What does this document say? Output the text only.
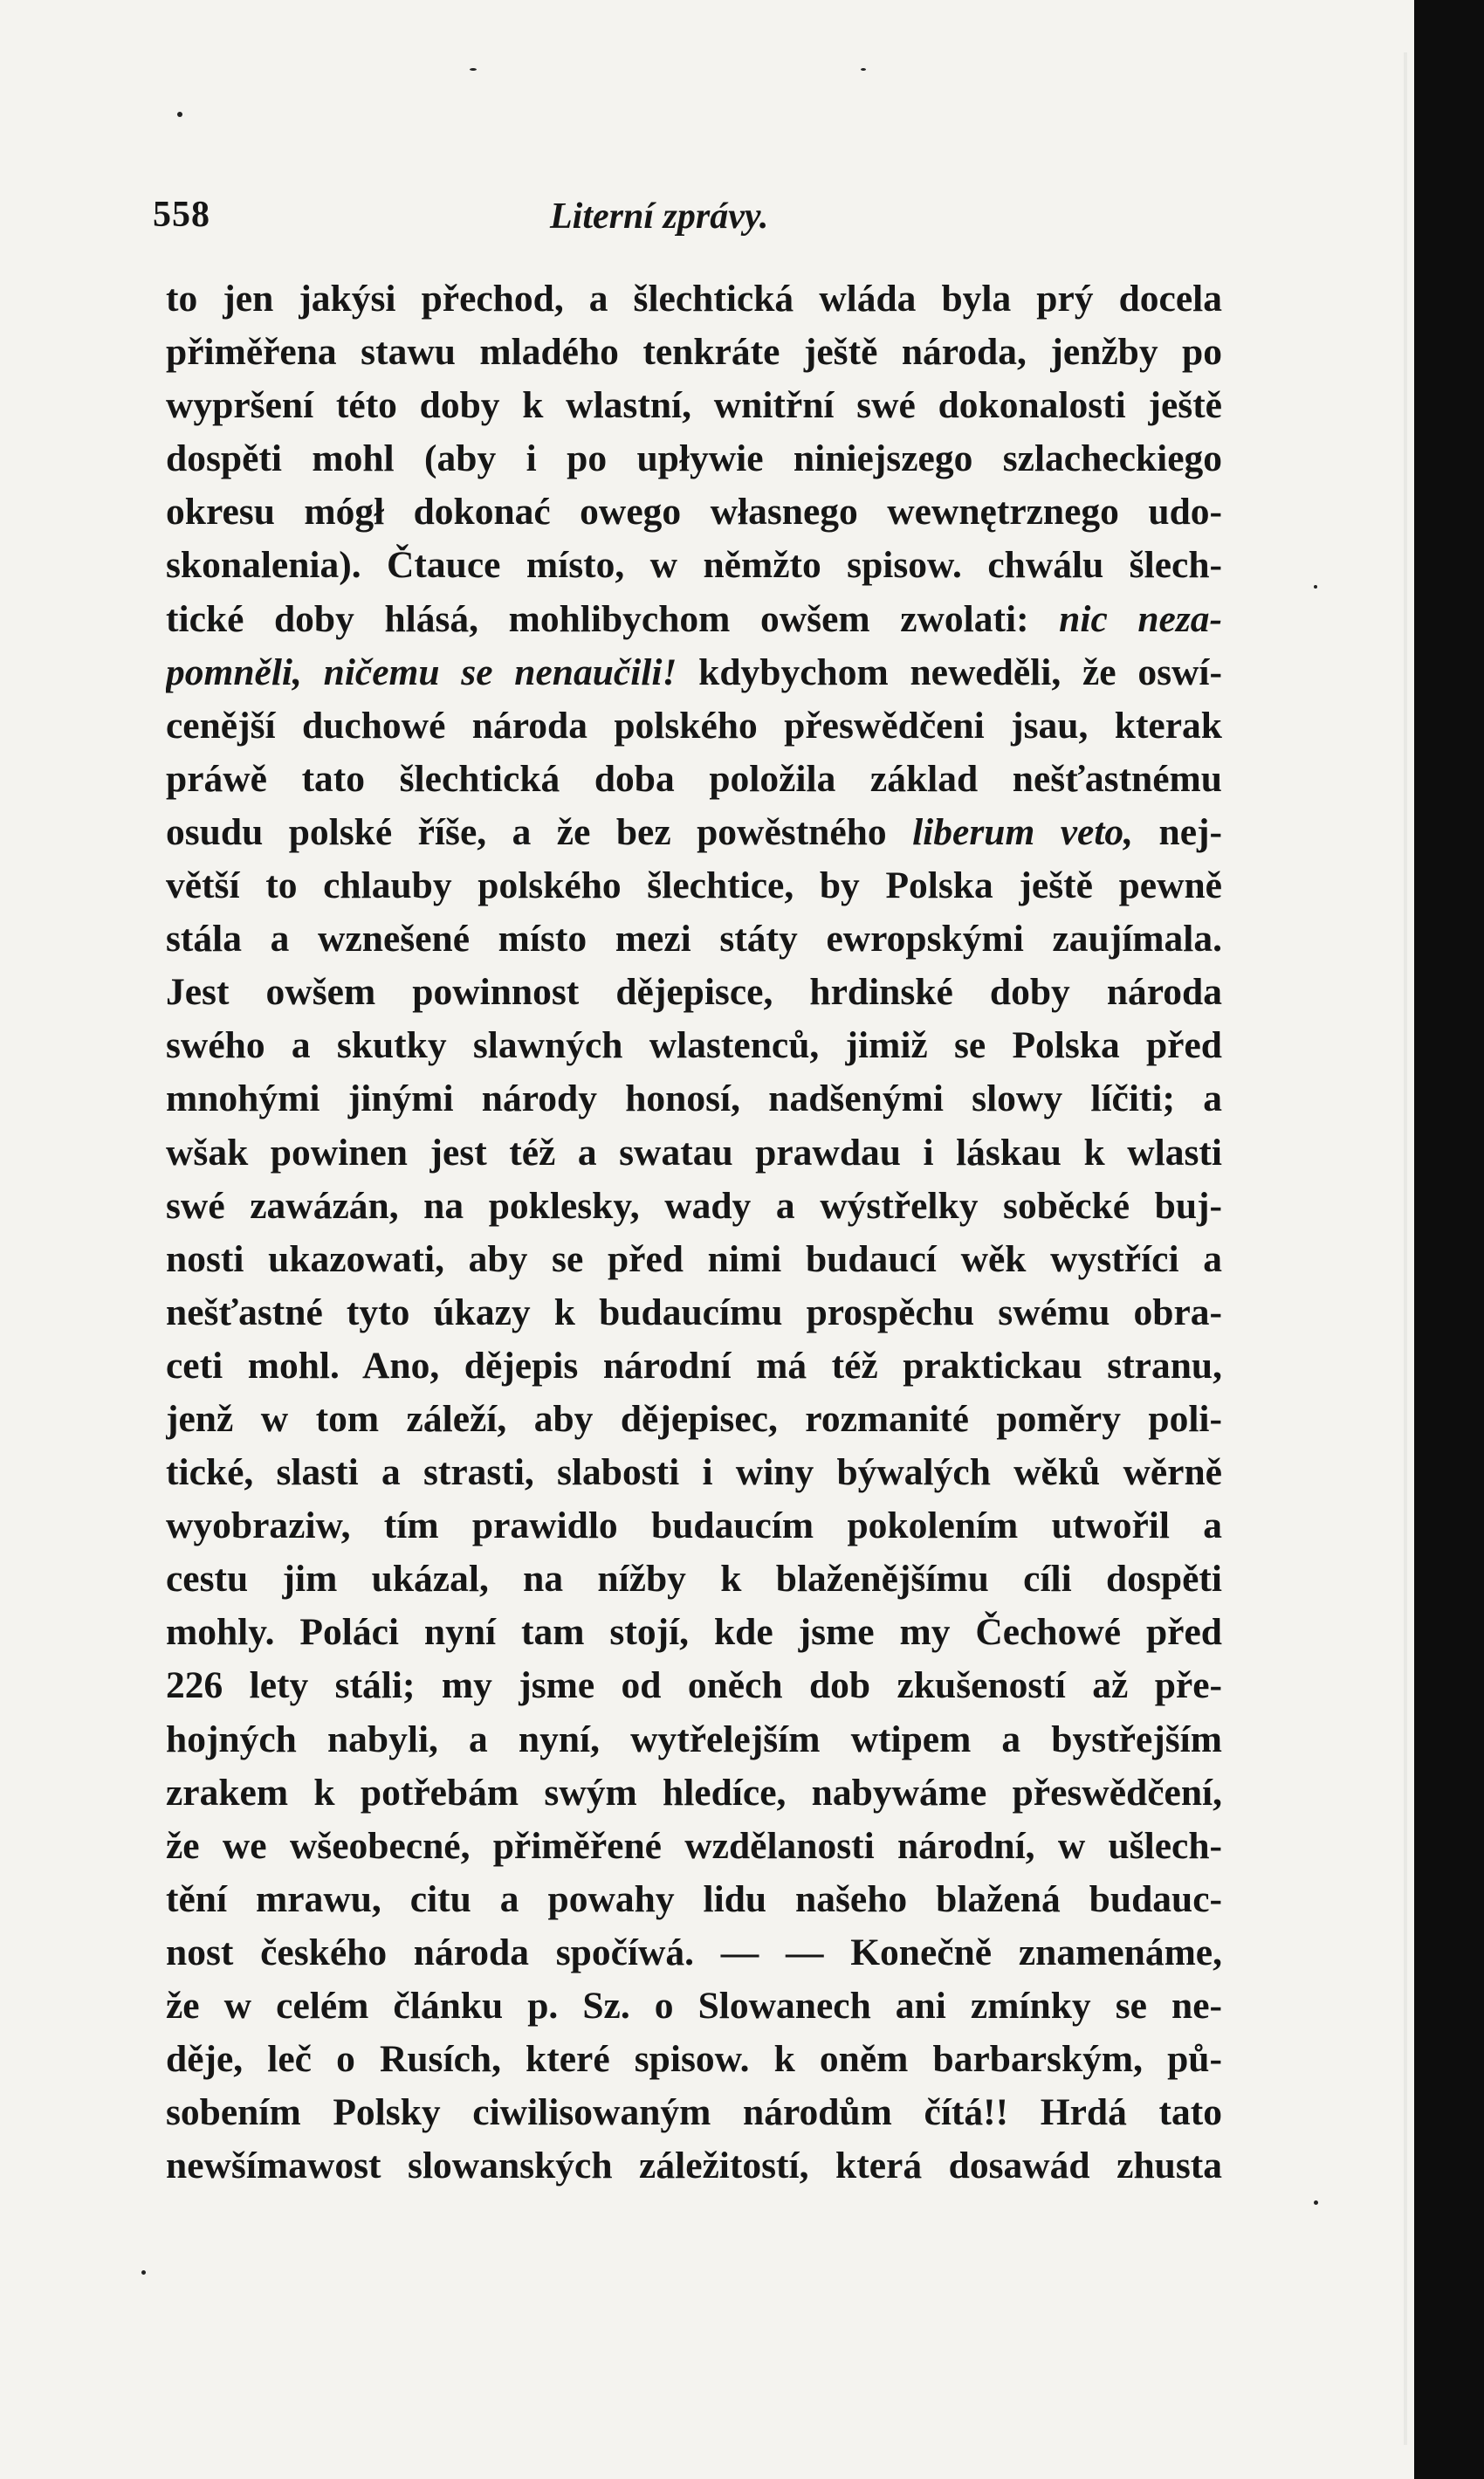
558	Literní zprávy.
to jen jakýsi přechod, a šlechtická wláda byla prý docela
přiměřena stawu mladého tenkráte ještě národa, jenžby po
wypršení této doby k wlastní, wnitřní swé dokonalosti ještě
dospěti mohl (aby i po upływie niniejszego szlacheckiego
okresu mógł dokonać owego własnego wewnętrznego udo-
skonalenia). Čtauce místo, w němžto spisow. chwálu šlech-
tické doby hlásá, mohlibychom owšem zwolati: nic neza-
pomněli, ničemu se nenaučili! kdybychom neweděli, že oswí-
cenější duchowé národa polského přeswědčeni jsau, kterak
práwě tato šlechtická doba položila základ nešťastnému
osudu polské říše, a že bez powěstného liberum veto, nej-
větší to chlauby polského šlechtice, by Polska ještě pewně
stála a wznešené místo mezi státy ewropskými zaujímala.
Jest owšem powinnost dějepisce, hrdinské doby národa
swého a skutky slawných wlastenců, jimiž se Polska před
mnohými jinými národy honosí, nadšenými slowy líčiti; a
wšak powinen jest též a swatau prawdau i láskau k wlasti
swé zawázán, na poklesky, wady a wýstřelky soběcké buj-
nosti ukazowati, aby se před nimi budaucí wěk wystříci a
nešťastné tyto úkazy k budaucímu prospěchu swému obra-
ceti mohl. Ano, dějepis národní má též praktickau stranu,
jenž w tom záleží, aby dějepisec, rozmanité poměry poli-
tické, slasti a strasti, slabosti i winy býwalých wěků wěrně
wyobraziw, tím prawidlo budaucím pokolením utwořil a
cestu jim ukázal, na nížby k blaženějšímu cíli dospěti
mohly. Poláci nyní tam stojí, kde jsme my Čechowé před
226 lety stáli; my jsme od oněch dob zkušeností až pře-
hojných nabyli, a nyní, wytřelejším wtipem a bystřejším
zrakem k potřebám swým hledíce, nabywáme přeswědčení,
že we wšeobecné, přiměřené wzdělanosti národní, w ušlech-
tění mrawu, citu a powahy lidu našeho blažená budauc-
nost českého národa spočíwá. — — Konečně znamenáme,
že w celém článku p. Sz. o Slowanech ani zmínky se ne-
děje, leč o Rusích, které spisow. k oněm barbarským, pů-
sobením Polsky ciwilisowaným národům čítá!! Hrdá tato
newšímawost slowanských záležitostí, která dosawád zhusta
